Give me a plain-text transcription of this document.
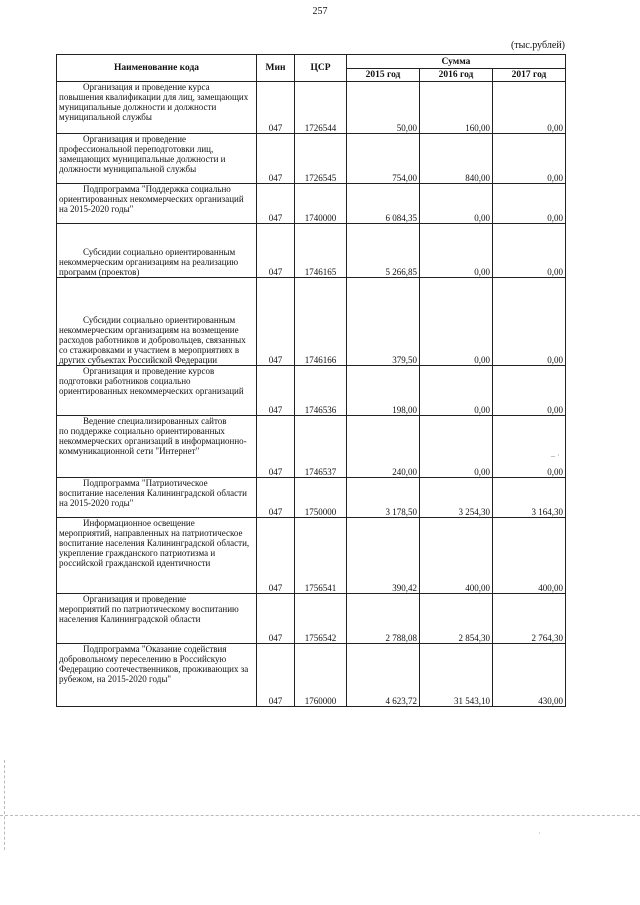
257
(тыс.рублей)
Наименование кода	Мин	ЦСР	Сумма		
			2015 год	2016 год	2017 год

Организация и проведение курса
повышения квалификации для лиц, замещающих муниципальные должности и должности муниципальной службы	047	1726544	50,00	160,00	0,00

Организация и проведение
профессиональной переподготовки лиц, замещающих муниципальные должности и должности муниципальной службы	047	1726545	754,00	840,00	0,00

Подпрограмма "Поддержка социально
ориентированных некоммерческих организаций на 2015-2020 годы"	047	1740000	6 084,35	0,00	0,00

Субсидии социально ориентированным
некоммерческим организациям на реализацию программ (проектов)	047	1746165	5 266,85	0,00	0,00

Субсидии социально ориентированным
некоммерческим организациям на возмещение расходов работников и добровольцев, связанных со стажировками и участием в мероприятиях в других субъектах Российской Федерации	047	1746166	379,50	0,00	0,00

Организация и проведение курсов
подготовки работников социально ориентированных некоммерческих организаций	047	1746536	198,00	0,00	0,00

Ведение специализированных сайтов
по поддержке социально ориентированных некоммерческих организаций в информационно-коммуникационной сети "Интернет"	047	1746537	240,00	0,00	0,00

Подпрограмма "Патриотическое
воспитание населения Калининградской области на 2015-2020 годы"	047	1750000	3 178,50	3 254,30	3 164,30

Информационное освещение
мероприятий, направленных на патриотическое воспитание населения Калининградской области, укрепление гражданского патриотизма и российской гражданской идентичности	047	1756541	390,42	400,00	400,00

Организация и проведение
мероприятий по патриотическому воспитанию населения Калининградской области	047	1756542	2 788,08	2 854,30	2 764,30

Подпрограмма "Оказание содействия
добровольному переселению в Российскую Федерацию соотечественников, проживающих за рубежом, на 2015-2020 годы"	047	1760000	4 623,72	31 543,10	430,00
– ·
·
